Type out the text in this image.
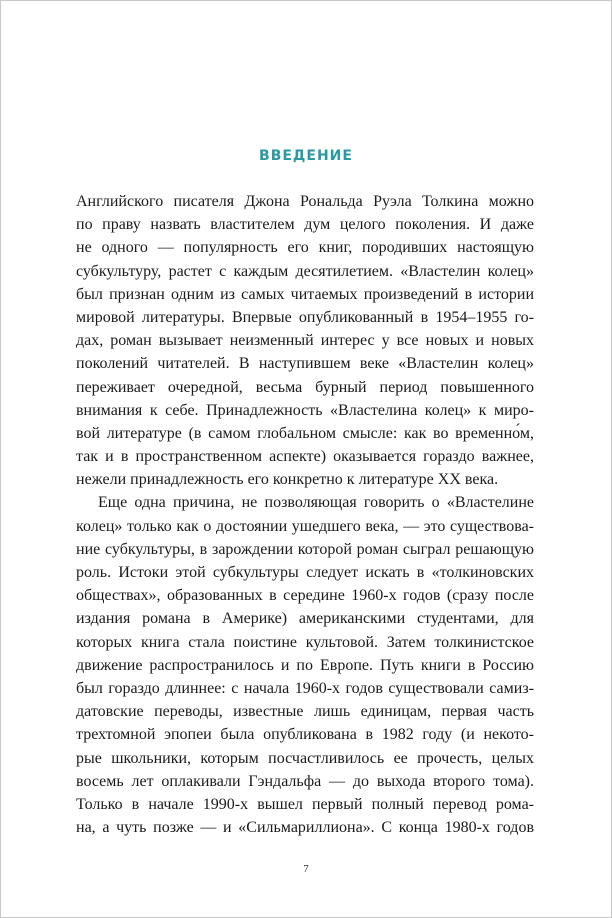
ВВЕДЕНИЕ
Английского писателя Джона Рональда Руэла Толкина можно
по праву назвать властителем дум целого поколения. И даже
не одного — популярность его книг, породивших настоящую
субкультуру, растет с каждым десятилетием. «Властелин колец»
был признан одним из самых читаемых произведений в истории
мировой литературы. Впервые опубликованный в 1954–1955 го-
дах, роман вызывает неизменный интерес у все новых и новых
поколений читателей. В наступившем веке «Властелин колец»
переживает очередной, весьма бурный период повышенного
внимания к себе. Принадлежность «Властелина колец» к миро-
вой литературе (в самом глобальном смысле: как во временно́м,
так и в пространственном аспекте) оказывается гораздо важнее,
нежели принадлежность его конкретно к литературе XX века.
Еще одна причина, не позволяющая говорить о «Властелине
колец» только как о достоянии ушедшего века, — это существова-
ние субкультуры, в зарождении которой роман сыграл решающую
роль. Истоки этой субкультуры следует искать в «толкиновских
обществах», образованных в середине 1960-х годов (сразу после
издания романа в Америке) американскими студентами, для
которых книга стала поистине культовой. Затем толкинистское
движение распространилось и по Европе. Путь книги в Россию
был гораздо длиннее: с начала 1960-х годов существовали самиз-
датовские переводы, известные лишь единицам, первая часть
трехтомной эпопеи была опубликована в 1982 году (и некото-
рые школьники, которым посчастливилось ее прочесть, целых
восемь лет оплакивали Гэндальфа — до выхода второго тома).
Только в начале 1990-х вышел первый полный перевод рома-
на, а чуть позже — и «Сильмариллиона». С конца 1980-х годов
7
